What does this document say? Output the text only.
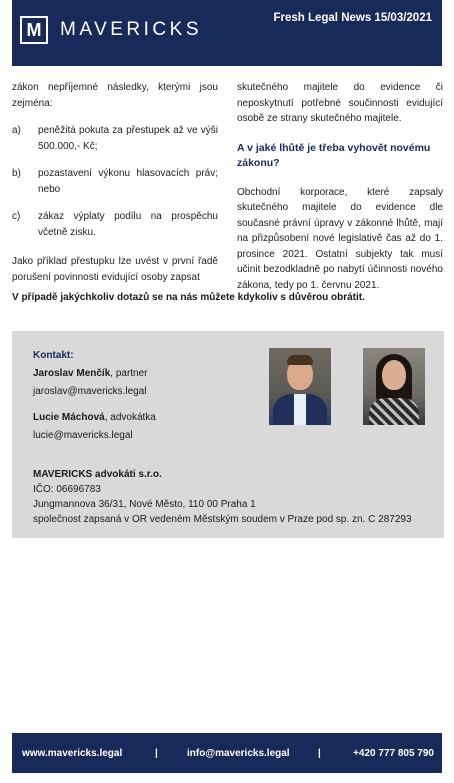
M MAVERICKS
Fresh Legal News 15/03/2021
zákon nepříjemné následky, kterými jsou zejména:
a)	peněžitá pokuta za přestupek až ve výši 500.000,- Kč;
b)	pozastavení výkonu hlasovacích práv; nebo
c)	zákaz výplaty podílu na prospěchu včetně zisku.
Jako příklad přestupku lze uvést v první řadě porušení povinnosti evidující osoby zapsat
skutečného majitele do evidence či neposkytnutí potřebné součinnosti evidující osobě ze strany skutečného majitele.
A v jaké lhůtě je třeba vyhovět novému zákonu?
Obchodní korporace, které zapsaly skutečného majitele do evidence dle současné právní úpravy v zákonné lhůtě, mají na přizpůsobení nové legislativě čas až do 1. prosince 2021. Ostatní subjekty tak musí učinit bezodkladně po nabytí účinnosti nového zákona, tedy po 1. červnu 2021.
V případě jakýchkoliv dotazů se na nás můžete kdykoliv s důvěrou obrátit.
Kontakt:
Jaroslav Menčík, partner
jaroslav@mavericks.legal
Lucie Máchová, advokátka
lucie@mavericks.legal
MAVERICKS advokáti s.r.o.
IČO: 06696783
Jungmannova 36/31, Nové Město, 110 00 Praha 1
společnost zapsaná v OR vedeném Městským soudem v Praze pod sp. zn. C 287293
www.mavericks.legal	|	info@mavericks.legal	|	+420 777 805 790
